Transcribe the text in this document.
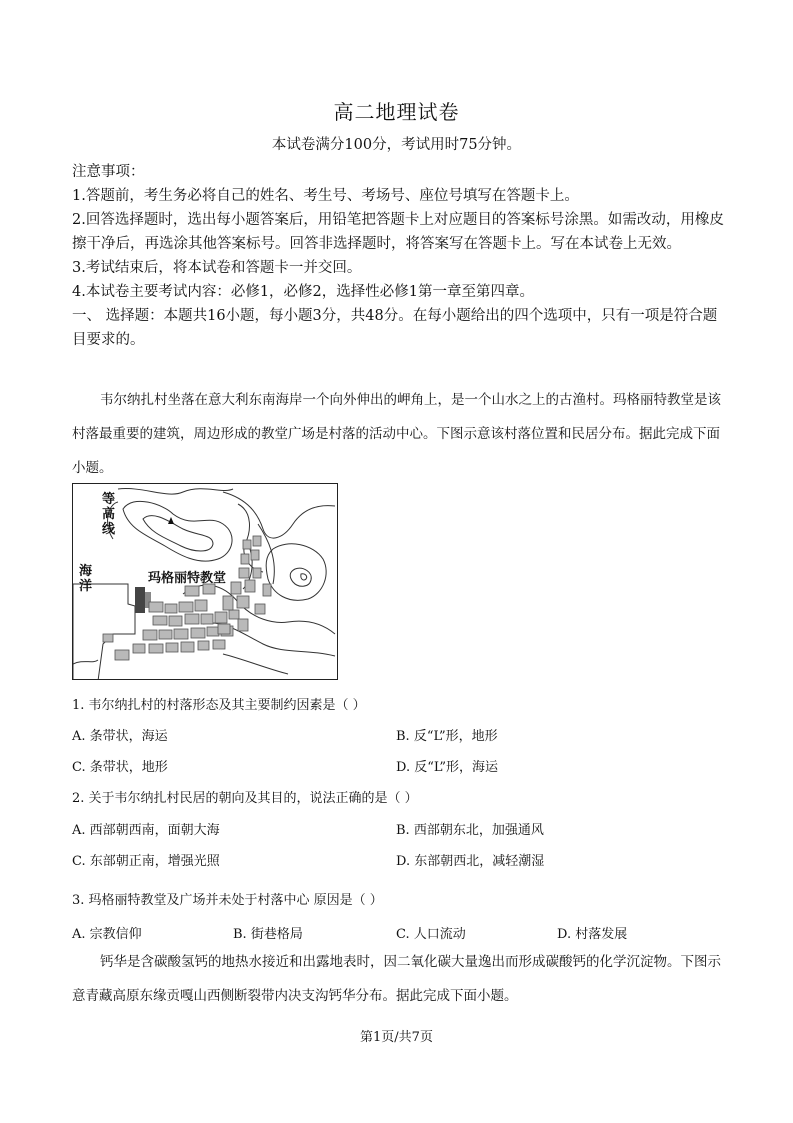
高二地理试卷
本试卷满分100分，考试用时75分钟。

注意事项：

1.答题前，考生务必将自己的姓名、考生号、考场号、座位号填写在答题卡上。

2.回答选择题时，选出每小题答案后，用铅笔把答题卡上对应题目的答案标号涂黑。如需改动，用橡皮擦干净后，再选涂其他答案标号。回答非选择题时，将答案写在答题卡上。写在本试卷上无效。

3.考试结束后，将本试卷和答题卡一并交回。

4.本试卷主要考试内容：必修1，必修2，选择性必修1第一章至第四章。

一、 选择题：本题共16小题，每小题3分，共48分。在每小题给出的四个选项中，只有一项是符合题目要求的。

韦尔纳扎村坐落在意大利东南海岸一个向外伸出的岬角上，是一个山水之上的古渔村。玛格丽特教堂是该村落最重要的建筑，周边形成的教堂广场是村落的活动中心。下图示意该村落位置和民居分布。据此完成下面小题。

等高线
海洋
玛格丽特教堂
1. 韦尔纳扎村的村落形态及其主要制约因素是（ ）
A. 条带状，海运	B. 反“L”形，地形
C. 条带状，地形	D. 反“L”形，海运
2. 关于韦尔纳扎村民居的朝向及其目的，说法正确的是（ ）
A. 西部朝西南，面朝大海	B. 西部朝东北，加强通风
C. 东部朝正南，增强光照	D. 东部朝西北，减轻潮湿
3. 玛格丽特教堂及广场并未处于村落中心 原因是（ ）
A. 宗教信仰	B. 街巷格局	C. 人口流动	D. 村落发展

钙华是含碳酸氢钙的地热水接近和出露地表时，因二氧化碳大量逸出而形成碳酸钙的化学沉淀物。下图示意青藏高原东缘贡嘎山西侧断裂带内决支沟钙华分布。据此完成下面小题。

第1页/共7页
